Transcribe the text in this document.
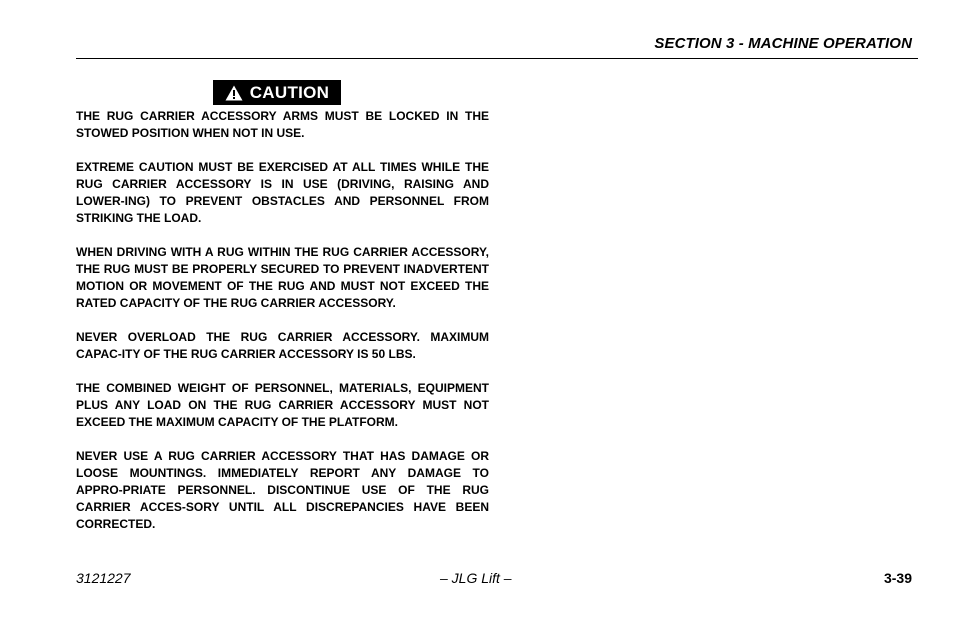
SECTION 3 - MACHINE OPERATION
CAUTION

THE RUG CARRIER ACCESSORY ARMS MUST BE LOCKED IN THE STOWED POSITION WHEN NOT IN USE.

EXTREME CAUTION MUST BE EXERCISED AT ALL TIMES WHILE THE RUG CARRIER ACCESSORY IS IN USE (DRIVING, RAISING AND LOWER-ING) TO PREVENT OBSTACLES AND PERSONNEL FROM STRIKING THE LOAD.

WHEN DRIVING WITH A RUG WITHIN THE RUG CARRIER ACCESSORY, THE RUG MUST BE PROPERLY SECURED TO PREVENT INADVERTENT MOTION OR MOVEMENT OF THE RUG AND MUST NOT EXCEED THE RATED CAPACITY OF THE RUG CARRIER ACCESSORY.

NEVER OVERLOAD THE RUG CARRIER ACCESSORY. MAXIMUM CAPAC-ITY OF THE RUG CARRIER ACCESSORY IS 50 LBS.

THE COMBINED WEIGHT OF PERSONNEL, MATERIALS, EQUIPMENT PLUS ANY LOAD ON THE RUG CARRIER ACCESSORY MUST NOT EXCEED THE MAXIMUM CAPACITY OF THE PLATFORM.

NEVER USE A RUG CARRIER ACCESSORY THAT HAS DAMAGE OR LOOSE MOUNTINGS. IMMEDIATELY REPORT ANY DAMAGE TO APPRO-PRIATE PERSONNEL. DISCONTINUE USE OF THE RUG CARRIER ACCES-SORY UNTIL ALL DISCREPANCIES HAVE BEEN CORRECTED.

3121227	– JLG Lift –	3-39
